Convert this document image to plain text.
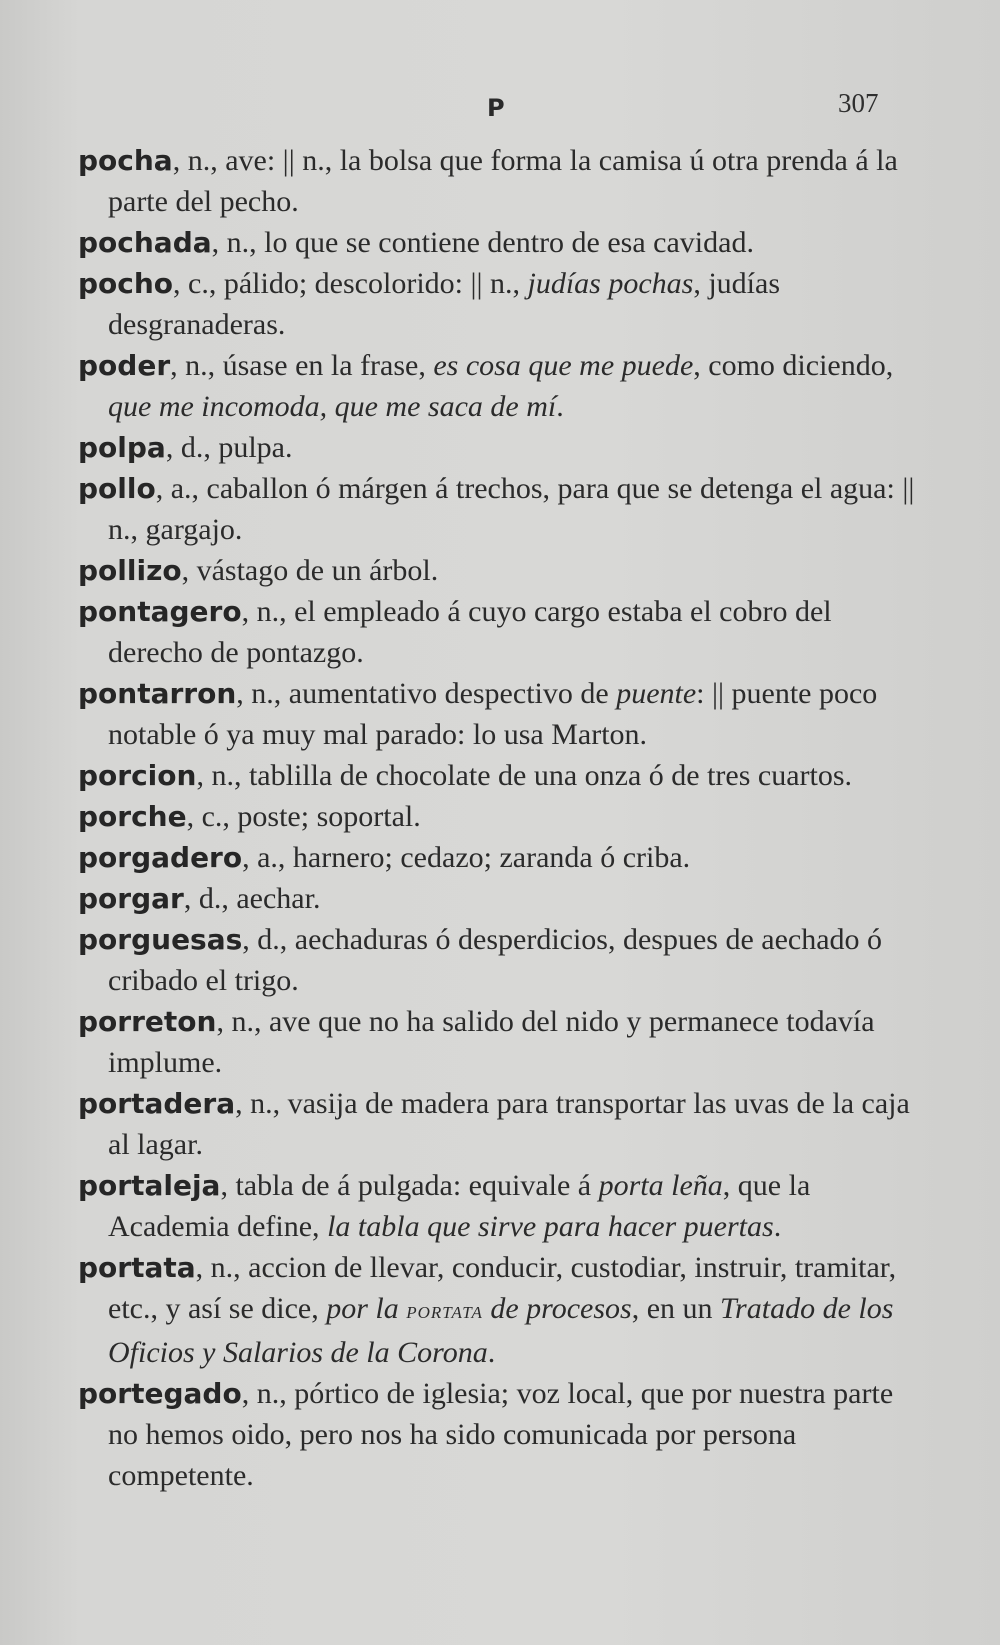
P	307

pocha, n., ave: || n., la bolsa que forma la camisa ú otra prenda á la parte del pecho.

pochada, n., lo que se contiene dentro de esa cavidad.

pocho, c., pálido; descolorido: || n., judías pochas, judías desgranaderas.

poder, n., úsase en la frase, es cosa que me puede, como diciendo, que me incomoda, que me saca de mí.

polpa, d., pulpa.

pollo, a., caballon ó márgen á trechos, para que se detenga el agua: || n., gargajo.

pollizo, vástago de un árbol.

pontagero, n., el empleado á cuyo cargo estaba el cobro del derecho de pontazgo.

pontarron, n., aumentativo despectivo de puente: || puente poco notable ó ya muy mal parado: lo usa Marton.

porcion, n., tablilla de chocolate de una onza ó de tres cuartos.

porche, c., poste; soportal.

porgadero, a., harnero; cedazo; zaranda ó criba.

porgar, d., aechar.

porguesas, d., aechaduras ó desperdicios, despues de aechado ó cribado el trigo.

porreton, n., ave que no ha salido del nido y permanece todavía implume.

portadera, n., vasija de madera para transportar las uvas de la caja al lagar.

portaleja, tabla de á pulgada: equivale á porta leña, que la Academia define, la tabla que sirve para hacer puertas.

portata, n., accion de llevar, conducir, custodiar, instruir, tramitar, etc., y así se dice, por la portata de procesos, en un Tratado de los Oficios y Salarios de la Corona.

portegado, n., pórtico de iglesia; voz local, que por nuestra parte no hemos oido, pero nos ha sido comunicada por persona competente.
